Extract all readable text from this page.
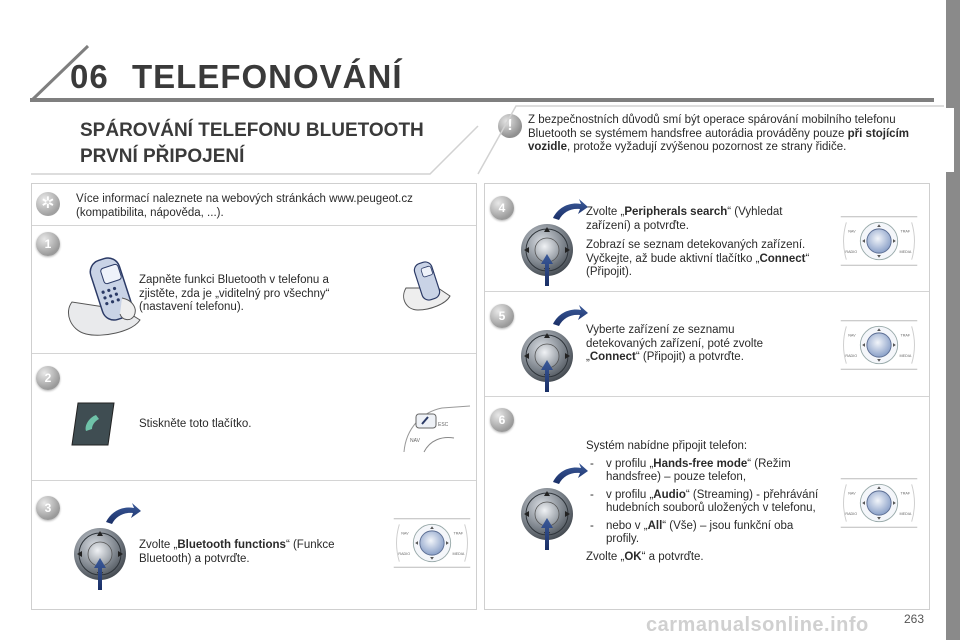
06 TELEFONOVÁNÍ
SPÁROVÁNÍ TELEFONU BLUETOOTH
PRVNÍ PŘIPOJENÍ
!	Z bezpečnostních důvodů smí být operace spárování mobilního telefonu Bluetooth se systémem handsfree autorádia prováděny pouze při stojícím vozidle, protože vyžadují zvýšenou pozornost ze strany řidiče.
✲	Více informací naleznete na webových stránkách www.peugeot.cz (kompatibilita, nápověda, ...).
Zapněte funkci Bluetooth v telefonu a zjistěte, zda je „viditelný pro všechny“ (nastavení telefonu).
Stiskněte toto tlačítko.	ESC
NAV
Zvolte „Bluetooth functions“ (Funkce Bluetooth) a potvrďte.
1
2
3
Zvolte „Peripherals search“ (Vyhledat zařízení) a potvrďte.
Zobrazí se seznam detekovaných zařízení. Vyčkejte, až bude aktivní tlačítko „Connect“ (Připojit).
Vyberte zařízení ze seznamu detekovaných zařízení, poté zvolte „Connect“ (Připojit) a potvrďte.
Systém nabídne připojit telefon:
- v profilu „Hands-free mode“ (Režim handsfree) – pouze telefon,
- v profilu „Audio“ (Streaming) - přehrávání hudebních souborů uložených v telefonu,
- nebo v „All“ (Vše) – jsou funkční oba profily.
Zvolte „OK“ a potvrďte.
4
5
6
carmanualsonline.info	263
